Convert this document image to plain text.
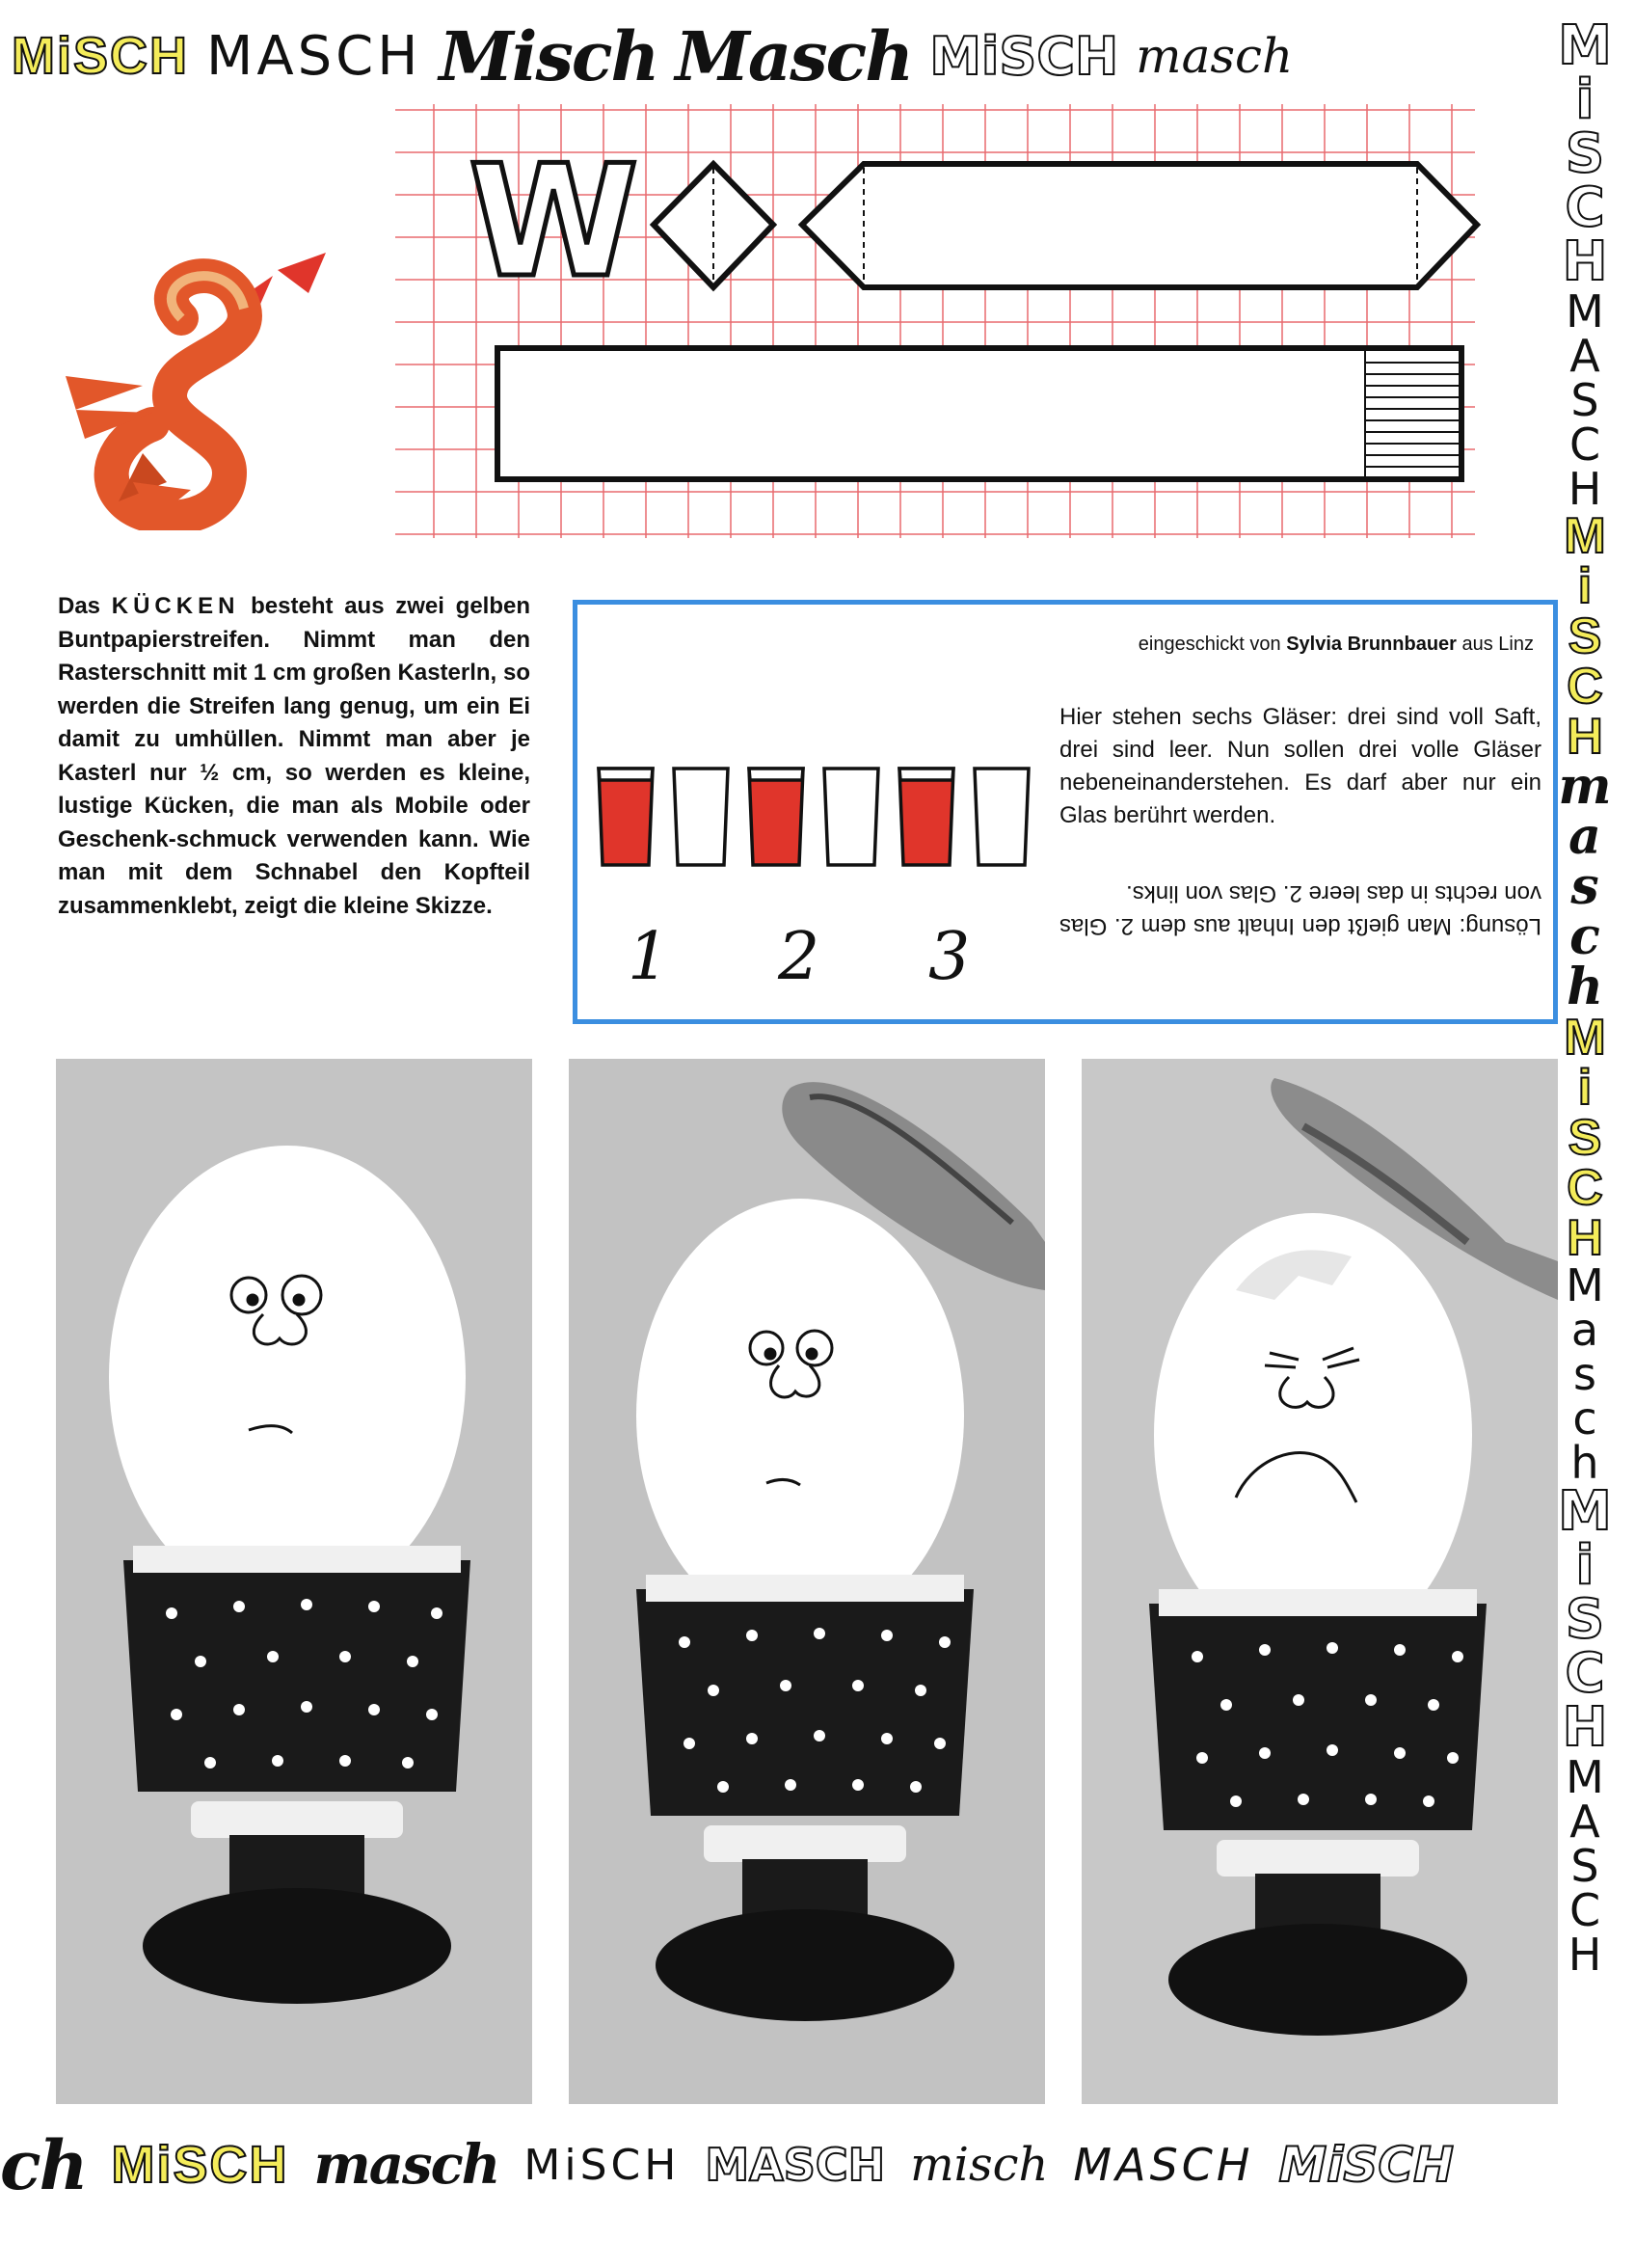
MiSCH MASCH Misch Masch MiSCH masch	M
i
S
C
H
M
A
S
C
H
M
i
S
C
H
m
a
s
c
h
M
i
S
C
H
M
a
s
c
h
M
i
S
C
H
M
A
S
C
H
W
Das KÜCKEN besteht aus zwei gelben Buntpapierstreifen. Nimmt man den Rasterschnitt mit 1 cm großen Kasterln, so werden die Streifen lang genug, um ein Ei damit zu umhüllen. Nimmt man aber je Kasterl nur ½ cm, so werden es kleine, lustige Kücken, die man als Mobile oder Geschenk-schmuck verwenden kann. Wie man mit dem Schnabel den Kopfteil zusammenklebt, zeigt die kleine Skizze.
eingeschickt von Sylvia Brunnbauer aus Linz
Hier stehen sechs Gläser: drei sind voll Saft, drei sind leer. Nun sollen drei volle Gläser nebeneinanderstehen. Es darf aber nur ein Glas berührt werden.
Lösung: Man gießt den Inhalt aus dem 2. Glas von rechts in das leere 2. Glas von links.
1 2 3
ch MiSCH masch MiSCH MASCH misch MASCH MiSCH
